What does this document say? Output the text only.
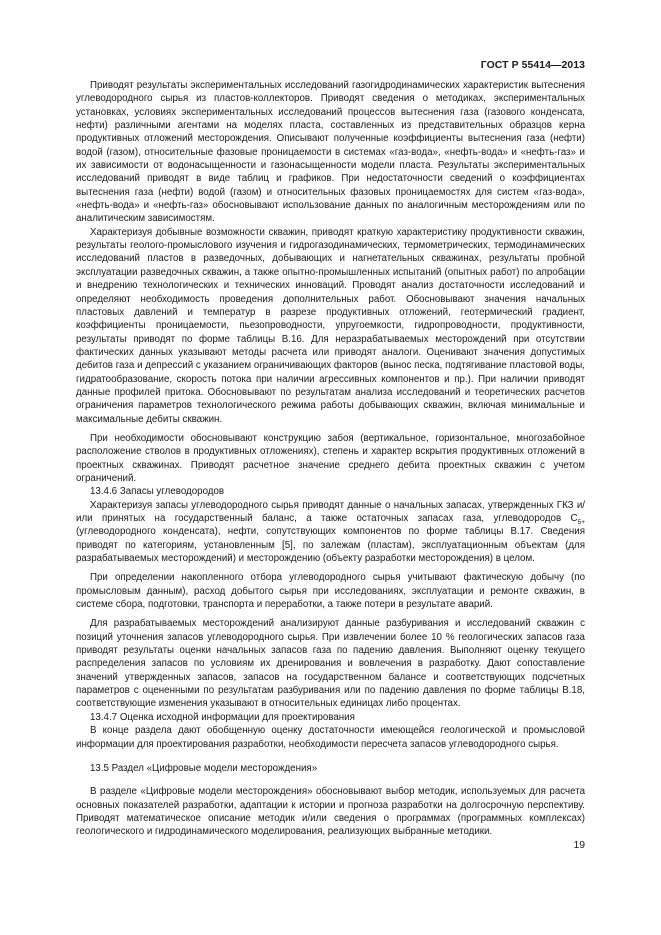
ГОСТ Р 55414—2013

Приводят результаты экспериментальных исследований газогидродинамических характеристик вытеснения углеводородного сырья из пластов-коллекторов. Приводят сведения о методиках, экспериментальных установках, условиях экспериментальных исследований процессов вытеснения газа (газового конденсата, нефти) различными агентами на моделях пласта, составленных из представительных образцов керна продуктивных отложений месторождения. Описывают полученные коэффициенты вытеснения газа (нефти) водой (газом), относительные фазовые проницаемости в системах «газ-вода», «нефть-вода» и «нефть-газ» и их зависимости от водонасыщенности и газонасыщенности модели пласта. Результаты экспериментальных исследований приводят в виде таблиц и графиков. При недостаточности сведений о коэффициентах вытеснения газа (нефти) водой (газом) и относительных фазовых проницаемостях для систем «газ-вода», «нефть-вода» и «нефть-газ» обосновывают использование данных по аналогичным месторождениям или по аналитическим зависимостям.

Характеризуя добывные возможности скважин, приводят краткую характеристику продуктивности скважин, результаты геолого-промыслового изучения и гидрогазодинамических, термометрических, термодинамических исследований пластов в разведочных, добывающих и нагнетательных скважинах, результаты пробной эксплуатации разведочных скважин, а также опытно-промышленных испытаний (опытных работ) по апробации и внедрению технологических и технических инноваций. Проводят анализ достаточности исследований и определяют необходимость проведения дополнительных работ. Обосновывают значения начальных пластовых давлений и температур в разрезе продуктивных отложений, геотермический градиент, коэффициенты проницаемости, пьезопроводности, упругоемкости, гидропроводности, продуктивности, результаты приводят по форме таблицы В.16. Для неразрабатываемых месторождений при отсутствии фактических данных указывают методы расчета или приводят аналоги. Оценивают значения допустимых дебитов газа и депрессий с указанием ограничивающих факторов (вынос песка, подтягивание пластовой воды, гидратообразование, скорость потока при наличии агрессивных компонентов и пр.). При наличии приводят данные профилей притока. Обосновывают по результатам анализа исследований и теоретических расчетов ограничения параметров технологического режима работы добывающих скважин, включая минимальные и максимальные дебиты скважин.

При необходимости обосновывают конструкцию забоя (вертикальное, горизонтальное, многозабойное расположение стволов в продуктивных отложениях), степень и характер вскрытия продуктивных отложений в проектных скважинах. Приводят расчетное значение среднего дебита проектных скважин с учетом ограничений.

13.4.6 Запасы углеводородов

Характеризуя запасы углеводородного сырья приводят данные о начальных запасах, утвержденных ГКЗ и/или принятых на государственный баланс, а также остаточных запасах газа, углеводородов $С_{5+}$ (углеводородного конденсата), нефти, сопутствующих компонентов по форме таблицы В.17. Сведения приводят по категориям, установленным [5], по залежам (пластам), эксплуатационным объектам (для разрабатываемых месторождений) и месторождению (объекту разработки месторождения) в целом.

При определении накопленного отбора углеводородного сырья учитывают фактическую добычу (по промысловым данным), расход добытого сырья при исследованиях, эксплуатации и ремонте скважин, в системе сбора, подготовки, транспорта и переработки, а также потери в результате аварий.

Для разрабатываемых месторождений анализируют данные разбуривания и исследований скважин с позиций уточнения запасов углеводородного сырья. При извлечении более 10 % геологических запасов газа приводят результаты оценки начальных запасов газа по падению давления. Выполняют оценку текущего распределения запасов по условиям их дренирования и вовлечения в разработку. Дают сопоставление значений утвержденных запасов, запасов на государственном балансе и соответствующих подсчетных параметров с оцененными по результатам разбуривания или по падению давления по форме таблицы В.18, соответствующие изменения указывают в относительных единицах либо процентах.

13.4.7 Оценка исходной информации для проектирования

В конце раздела дают обобщенную оценку достаточности имеющейся геологической и промысловой информации для проектирования разработки, необходимости пересчета запасов углеводородного сырья.

13.5 Раздел «Цифровые модели месторождения»

В разделе «Цифровые модели месторождения» обосновывают выбор методик, используемых для расчета основных показателей разработки, адаптации к истории и прогноза разработки на долгосрочную перспективу. Приводят математическое описание методик и/или сведения о программах (программных комплексах) геологического и гидродинамического моделирования, реализующих выбранные методики.

19
